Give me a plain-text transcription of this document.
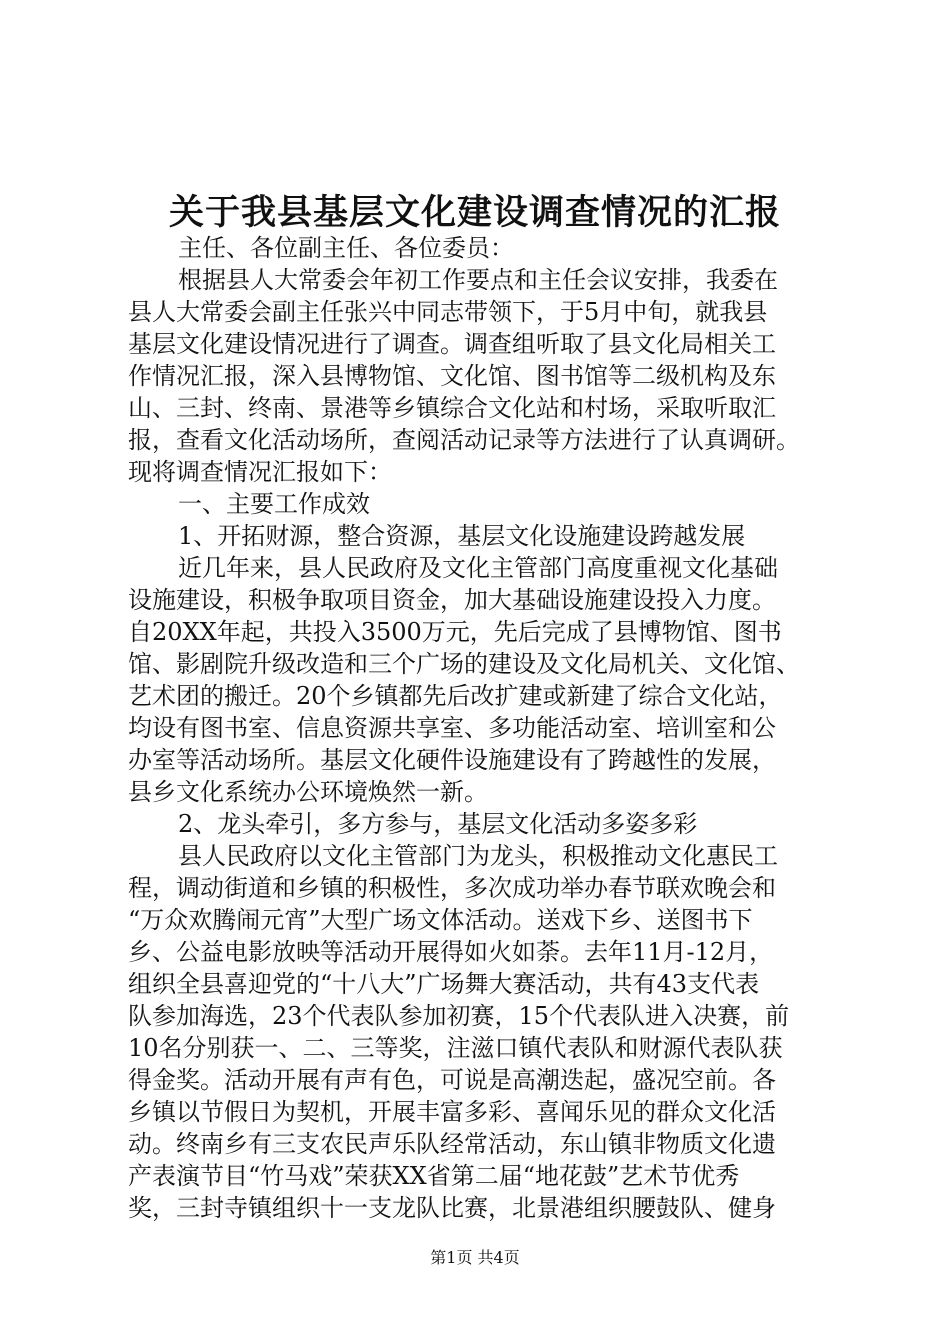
关于我县基层文化建设调查情况的汇报
主任、各位副主任、各位委员：
根据县人大常委会年初工作要点和主任会议安排，我委在
县人大常委会副主任张兴中同志带领下，于5月中旬，就我县
基层文化建设情况进行了调查。调查组听取了县文化局相关工
作情况汇报，深入县博物馆、文化馆、图书馆等二级机构及东
山、三封、终南、景港等乡镇综合文化站和村场，采取听取汇
报，查看文化活动场所，查阅活动记录等方法进行了认真调研。
现将调查情况汇报如下：
一、主要工作成效
1、开拓财源，整合资源，基层文化设施建设跨越发展
近几年来，县人民政府及文化主管部门高度重视文化基础
设施建设，积极争取项目资金，加大基础设施建设投入力度。
自20XX年起，共投入3500万元，先后完成了县博物馆、图书
馆、影剧院升级改造和三个广场的建设及文化局机关、文化馆、
艺术团的搬迁。20个乡镇都先后改扩建或新建了综合文化站，
均设有图书室、信息资源共享室、多功能活动室、培训室和公
办室等活动场所。基层文化硬件设施建设有了跨越性的发展，
县乡文化系统办公环境焕然一新。
2、龙头牵引，多方参与，基层文化活动多姿多彩
县人民政府以文化主管部门为龙头，积极推动文化惠民工
程，调动街道和乡镇的积极性，多次成功举办春节联欢晚会和
“万众欢腾闹元宵”大型广场文体活动。送戏下乡、送图书下
乡、公益电影放映等活动开展得如火如荼。去年11月-12月，
组织全县喜迎党的“十八大”广场舞大赛活动，共有43支代表
队参加海选，23个代表队参加初赛，15个代表队进入决赛，前
10名分别获一、二、三等奖，注滋口镇代表队和财源代表队获
得金奖。活动开展有声有色，可说是高潮迭起，盛况空前。各
乡镇以节假日为契机，开展丰富多彩、喜闻乐见的群众文化活
动。终南乡有三支农民声乐队经常活动，东山镇非物质文化遗
产表演节目“竹马戏”荣获XX省第二届“地花鼓”艺术节优秀
奖，三封寺镇组织十一支龙队比赛，北景港组织腰鼓队、健身
第1页 共4页
